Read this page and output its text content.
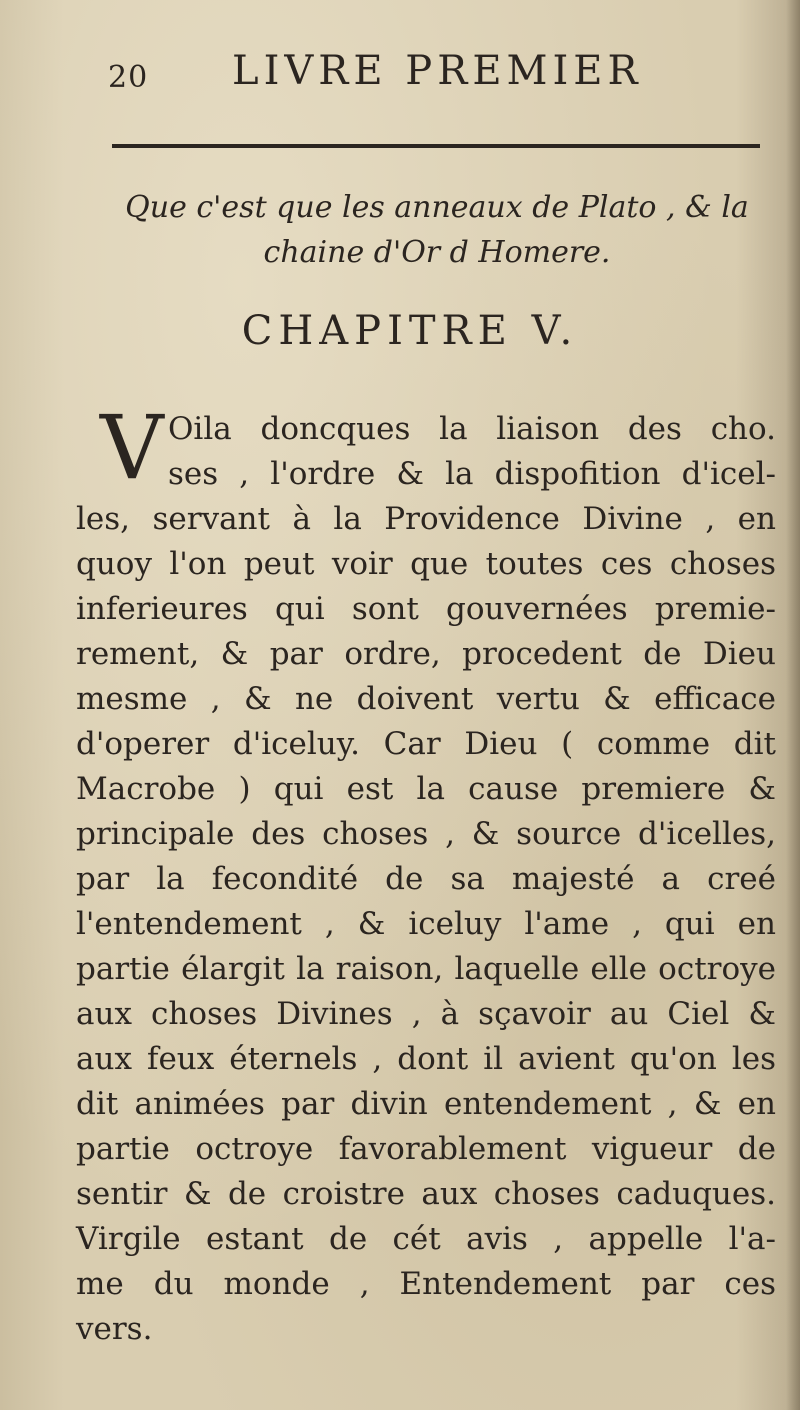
20 LIVRE PREMIER
Que c'est que les anneaux de Plato , & la
chaine d'Or d Homere.
CHAPITRE V.
V Oila doncques la liaison des cho.
ses , l'ordre & la dispofition d'icel-
les, servant à la Providence Divine , en
quoy l'on peut voir que toutes ces choses
inferieures qui sont gouvernées premie-
rement, & par ordre, procedent de Dieu
mesme , & ne doivent vertu & efficace
d'operer d'iceluy. Car Dieu ( comme dit
Macrobe ) qui est la cause premiere &
principale des choses , & source d'icelles,
par la fecondité de sa majesté a creé
l'entendement , & iceluy l'ame , qui en
partie élargit la raison, laquelle elle octroye
aux choses Divines , à sçavoir au Ciel &
aux feux éternels , dont il avient qu'on les
dit animées par divin entendement , & en
partie octroye favorablement vigueur de
sentir & de croistre aux choses caduques.
Virgile estant de cét avis , appelle l'a-
me du monde , Entendement par ces
vers.
